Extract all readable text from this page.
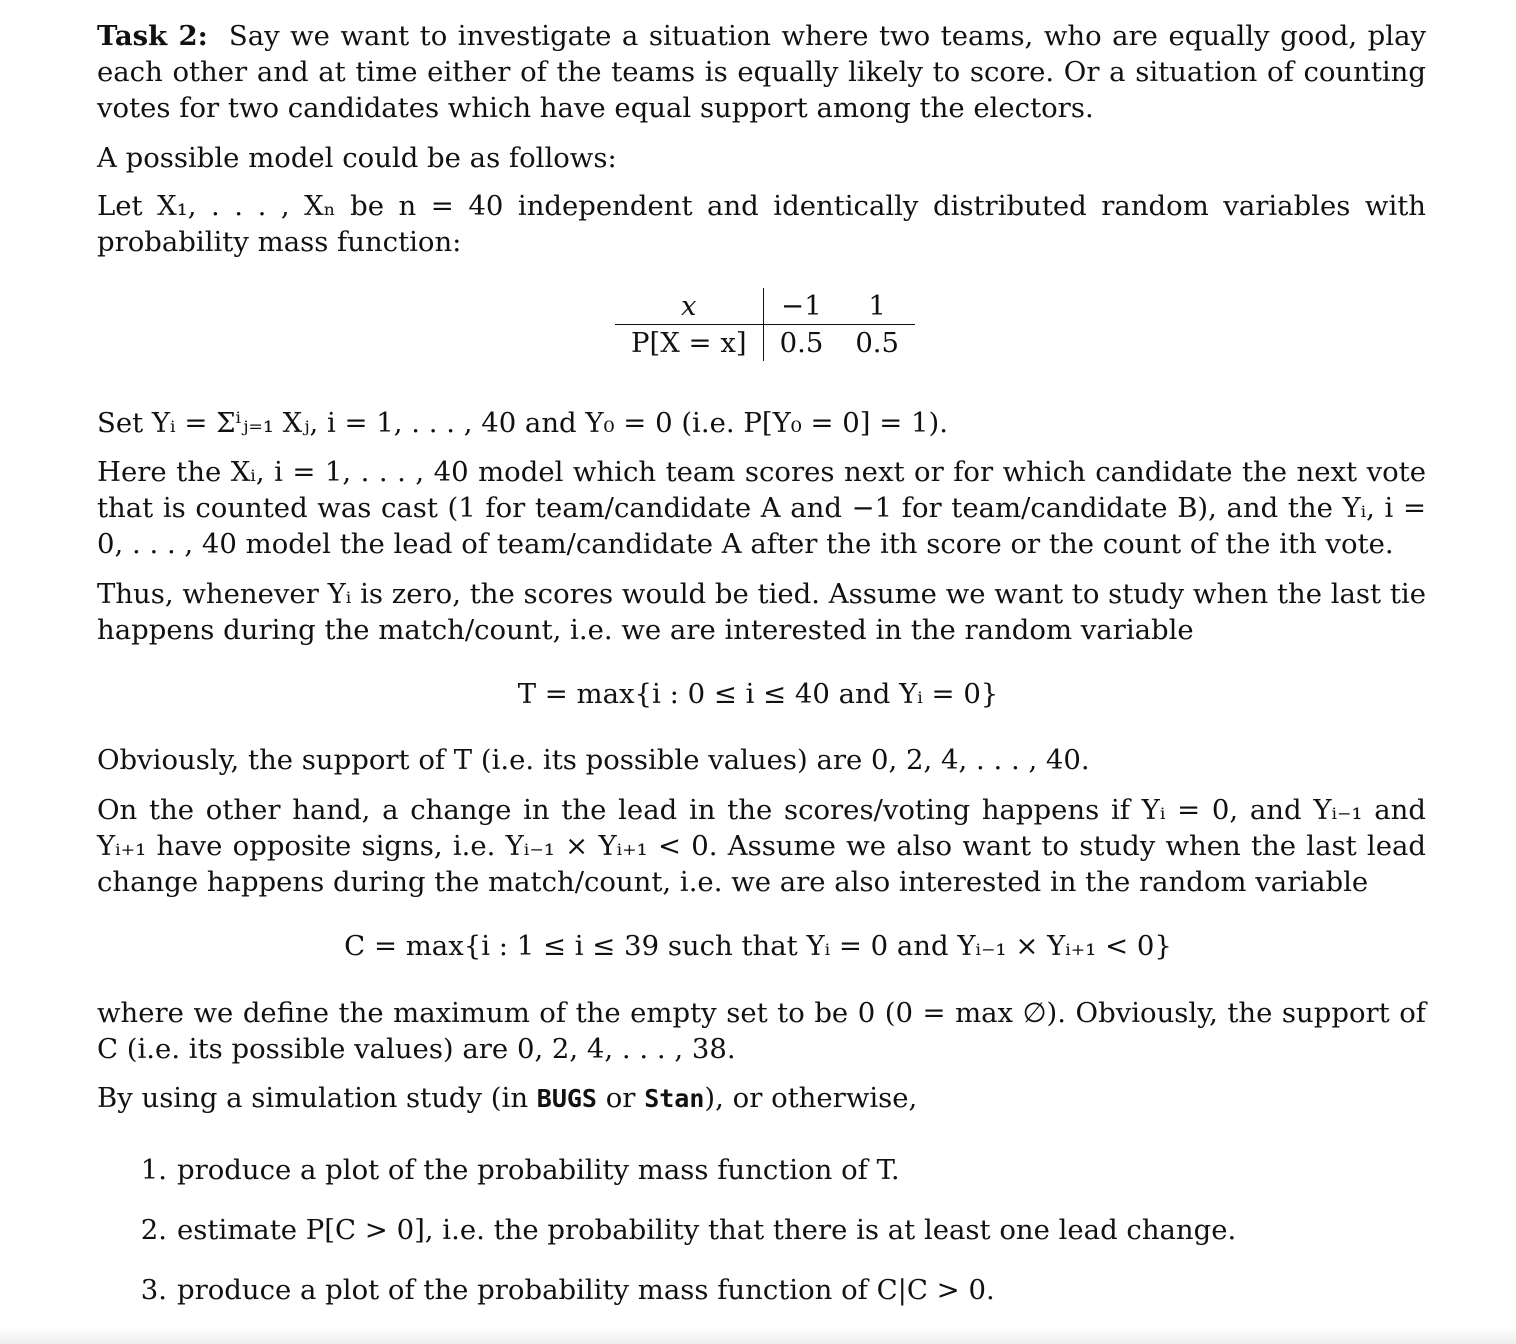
Task 2: Say we want to investigate a situation where two teams, who are equally good, play each other and at time either of the teams is equally likely to score. Or a situation of counting votes for two candidates which have equal support among the electors.

A possible model could be as follows:

Let X₁, . . . , Xₙ be n = 40 independent and identically distributed random variables with probability mass function:

x	−1	1
P[X = x]	0.5	0.5

Set Yᵢ = Σⁱⱼ₌₁ Xⱼ, i = 1, . . . , 40 and Y₀ = 0 (i.e. P[Y₀ = 0] = 1).

Here the Xᵢ, i = 1, . . . , 40 model which team scores next or for which candidate the next vote that is counted was cast (1 for team/candidate A and −1 for team/candidate B), and the Yᵢ, i = 0, . . . , 40 model the lead of team/candidate A after the ith score or the count of the ith vote.

Thus, whenever Yᵢ is zero, the scores would be tied. Assume we want to study when the last tie happens during the match/count, i.e. we are interested in the random variable

T = max{i : 0 ≤ i ≤ 40 and Yᵢ = 0}

Obviously, the support of T (i.e. its possible values) are 0, 2, 4, . . . , 40.

On the other hand, a change in the lead in the scores/voting happens if Yᵢ = 0, and Yᵢ₋₁ and Yᵢ₊₁ have opposite signs, i.e. Yᵢ₋₁ × Yᵢ₊₁ < 0. Assume we also want to study when the last lead change happens during the match/count, i.e. we are also interested in the random variable

C = max{i : 1 ≤ i ≤ 39 such that Yᵢ = 0 and Yᵢ₋₁ × Yᵢ₊₁ < 0}

where we define the maximum of the empty set to be 0 (0 = max ∅). Obviously, the support of C (i.e. its possible values) are 0, 2, 4, . . . , 38.

By using a simulation study (in BUGS or Stan), or otherwise,

1. produce a plot of the probability mass function of T.
2. estimate P[C > 0], i.e. the probability that there is at least one lead change.
3. produce a plot of the probability mass function of C|C > 0.
